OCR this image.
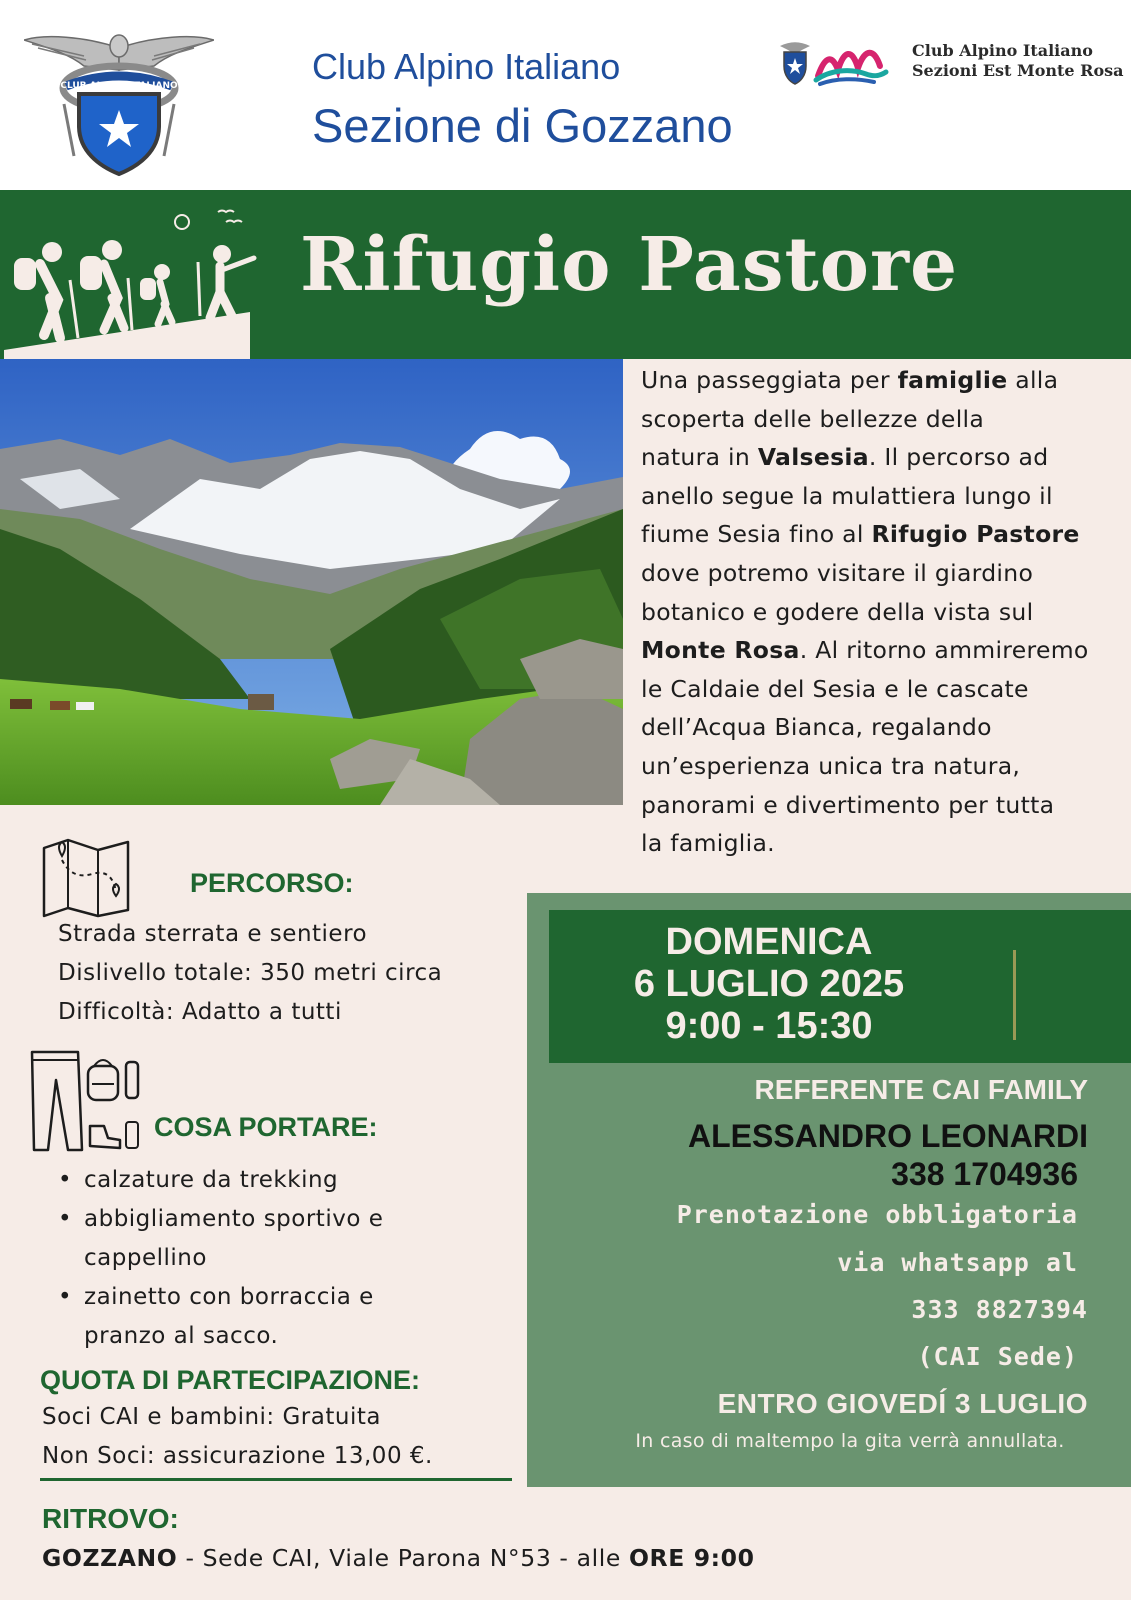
CLUB ALPINO ITALIANO	Club Alpino Italiano
Sezione di Gozzano
Club Alpino Italiano
Sezioni Est Monte Rosa
Rifugio Pastore
Una passeggiata per famiglie alla
scoperta delle bellezze della
natura in Valsesia. Il percorso ad
anello segue la mulattiera lungo il
fiume Sesia fino al Rifugio Pastore
dove potremo visitare il giardino
botanico e godere della vista sul
Monte Rosa. Al ritorno ammireremo
le Caldaie del Sesia e le cascate
dell’Acqua Bianca, regalando
un’esperienza unica tra natura,
panorami e divertimento per tutta
la famiglia.
PERCORSO:
Strada sterrata e sentiero
Dislivello totale: 350 metri circa
Difficoltà: Adatto a tutti
COSA PORTARE:
• calzature da trekking
• abbigliamento sportivo e
cappellino
• zainetto con borraccia e
pranzo al sacco.
QUOTA DI PARTECIPAZIONE:
Soci CAI e bambini: Gratuita
Non Soci: assicurazione 13,00 €.
DOMENICA
6 LUGLIO 2025
9:00 - 15:30
REFERENTE CAI FAMILY
ALESSANDRO LEONARDI
338 1704936
Prenotazione obbligatoria
via whatsapp al
333 8827394
(CAI Sede)
ENTRO GIOVEDÍ 3 LUGLIO
In caso di maltempo la gita verrà annullata.
RITROVO:
GOZZANO - Sede CAI, Viale Parona N°53 - alle ORE 9:00
